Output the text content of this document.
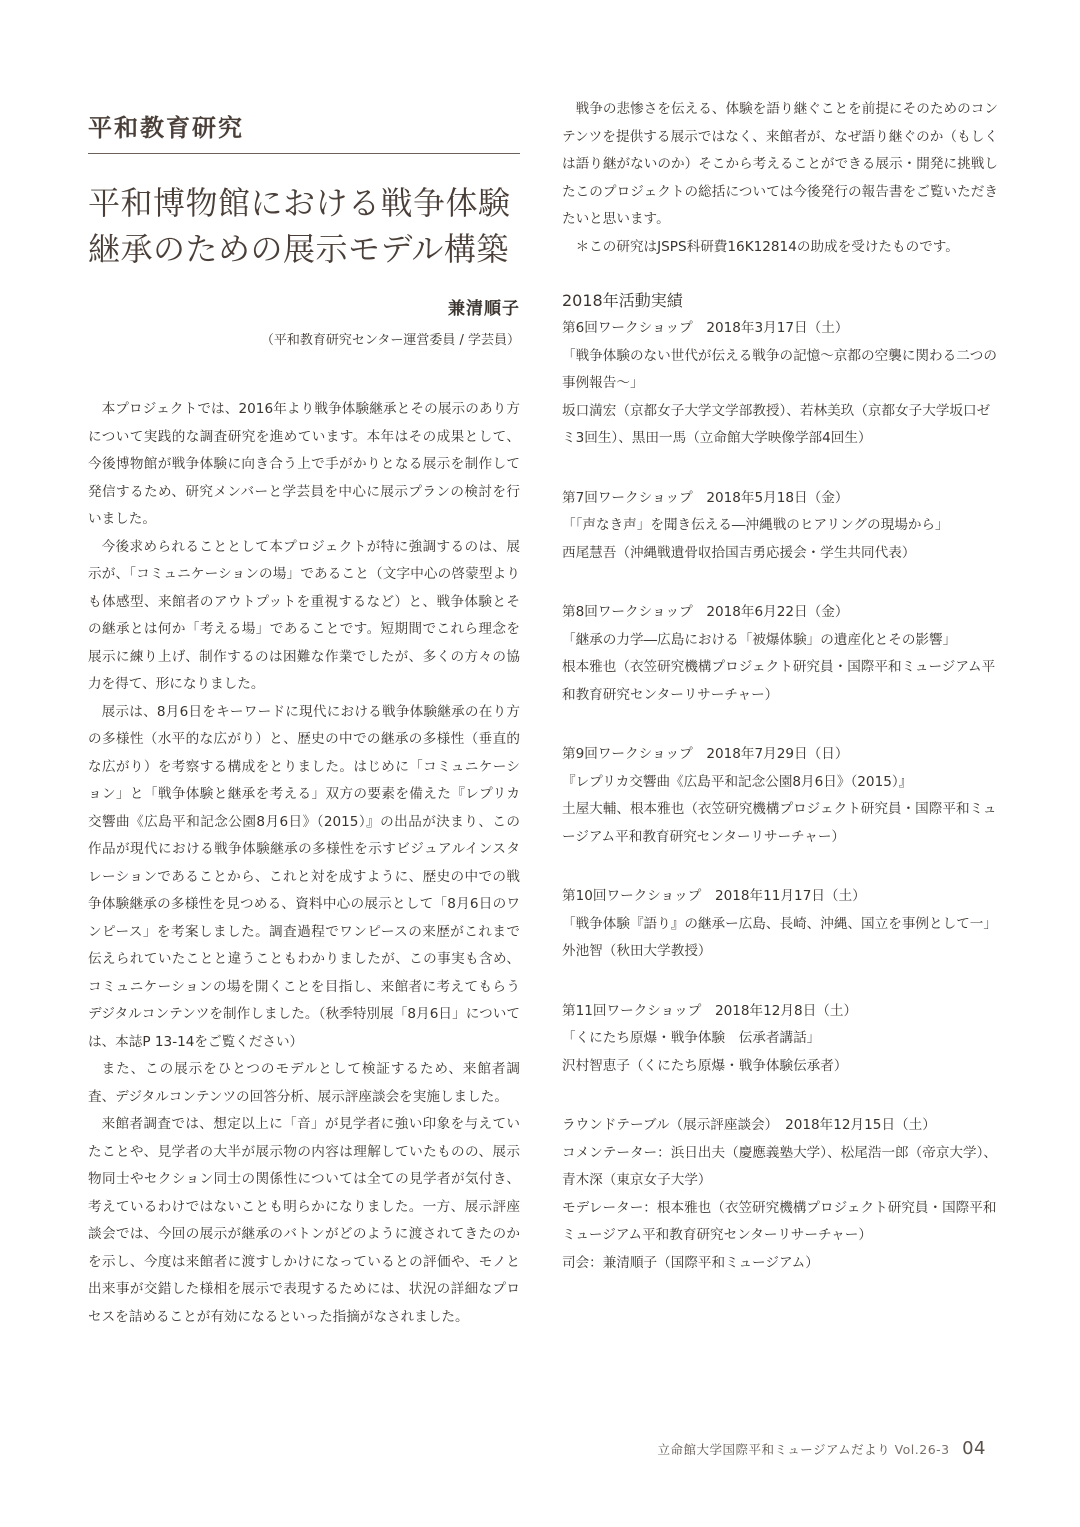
平和教育研究
平和博物館における戦争体験継承のための展示モデル構築
兼清順子
（平和教育研究センター運営委員 / 学芸員）

本プロジェクトでは、2016年より戦争体験継承とその展示のあり方について実践的な調査研究を進めています。本年はその成果として、今後博物館が戦争体験に向き合う上で手がかりとなる展示を制作して発信するため、研究メンバーと学芸員を中心に展示プランの検討を行いました。

今後求められることとして本プロジェクトが特に強調するのは、展示が、「コミュニケーションの場」であること（文字中心の啓蒙型よりも体感型、来館者のアウトプットを重視するなど）と、戦争体験とその継承とは何か「考える場」であることです。短期間でこれら理念を展示に練り上げ、制作するのは困難な作業でしたが、多くの方々の協力を得て、形になりました。

展示は、8月6日をキーワードに現代における戦争体験継承の在り方の多様性（水平的な広がり）と、歴史の中での継承の多様性（垂直的な広がり）を考察する構成をとりました。はじめに「コミュニケーション」と「戦争体験と継承を考える」双方の要素を備えた『レプリカ交響曲《広島平和記念公園8月6日》（2015）』の出品が決まり、この作品が現代における戦争体験継承の多様性を示すビジュアルインスタレーションであることから、これと対を成すように、歴史の中での戦争体験継承の多様性を見つめる、資料中心の展示として「8月6日のワンピース」を考案しました。調査過程でワンピースの来歴がこれまで伝えられていたことと違うこともわかりましたが、この事実も含め、コミュニケーションの場を開くことを目指し、来館者に考えてもらうデジタルコンテンツを制作しました。（秋季特別展「8月6日」については、本誌P 13-14をご覧ください）

また、この展示をひとつのモデルとして検証するため、来館者調査、デジタルコンテンツの回答分析、展示評座談会を実施しました。

来館者調査では、想定以上に「音」が見学者に強い印象を与えていたことや、見学者の大半が展示物の内容は理解していたものの、展示物同士やセクション同士の関係性については全ての見学者が気付き、考えているわけではないことも明らかになりました。一方、展示評座談会では、今回の展示が継承のバトンがどのように渡されてきたのかを示し、今度は来館者に渡すしかけになっているとの評価や、モノと出来事が交錯した様相を展示で表現するためには、状況の詳細なプロセスを詰めることが有効になるといった指摘がなされました。

戦争の悲惨さを伝える、体験を語り継ぐことを前提にそのためのコンテンツを提供する展示ではなく、来館者が、なぜ語り継ぐのか（もしくは語り継がないのか）そこから考えることができる展示・開発に挑戦したこのプロジェクトの総括については今後発行の報告書をご覧いただきたいと思います。

＊この研究はJSPS科研費16K12814の助成を受けたものです。

2018年活動実績
第6回ワークショップ　2018年3月17日（土）
「戦争体験のない世代が伝える戦争の記憶〜京都の空襲に関わる二つの事例報告〜」
坂口満宏（京都女子大学文学部教授）、若林美玖（京都女子大学坂口ゼミ3回生）、黒田一馬（立命館大学映像学部4回生）
第7回ワークショップ　2018年5月18日（金）
「「声なき声」を聞き伝える―沖縄戦のヒアリングの現場から」
西尾慧吾（沖縄戦遺骨収拾国吉勇応援会・学生共同代表）
第8回ワークショップ　2018年6月22日（金）
「継承の力学―広島における「被爆体験」の遺産化とその影響」
根本雅也（衣笠研究機構プロジェクト研究員・国際平和ミュージアム平和教育研究センターリサーチャー）
第9回ワークショップ　2018年7月29日（日）
『レプリカ交響曲《広島平和記念公園8月6日》（2015）』
土屋大輔、根本雅也（衣笠研究機構プロジェクト研究員・国際平和ミュージアム平和教育研究センターリサーチャー）
第10回ワークショップ　2018年11月17日（土）
「戦争体験『語り』の継承ー広島、長崎、沖縄、国立を事例として一」
外池智（秋田大学教授）
第11回ワークショップ　2018年12月8日（土）
「くにたち原爆・戦争体験　伝承者講話」
沢村智恵子（くにたち原爆・戦争体験伝承者）
ラウンドテーブル（展示評座談会）　2018年12月15日（土）
コメンテーター：浜日出夫（慶應義塾大学）、松尾浩一郎（帝京大学）、青木深（東京女子大学）
モデレーター：根本雅也（衣笠研究機構プロジェクト研究員・国際平和ミュージアム平和教育研究センターリサーチャー）
司会：兼清順子（国際平和ミュージアム）
立命館大学国際平和ミュージアムだより Vol.26-3 04
